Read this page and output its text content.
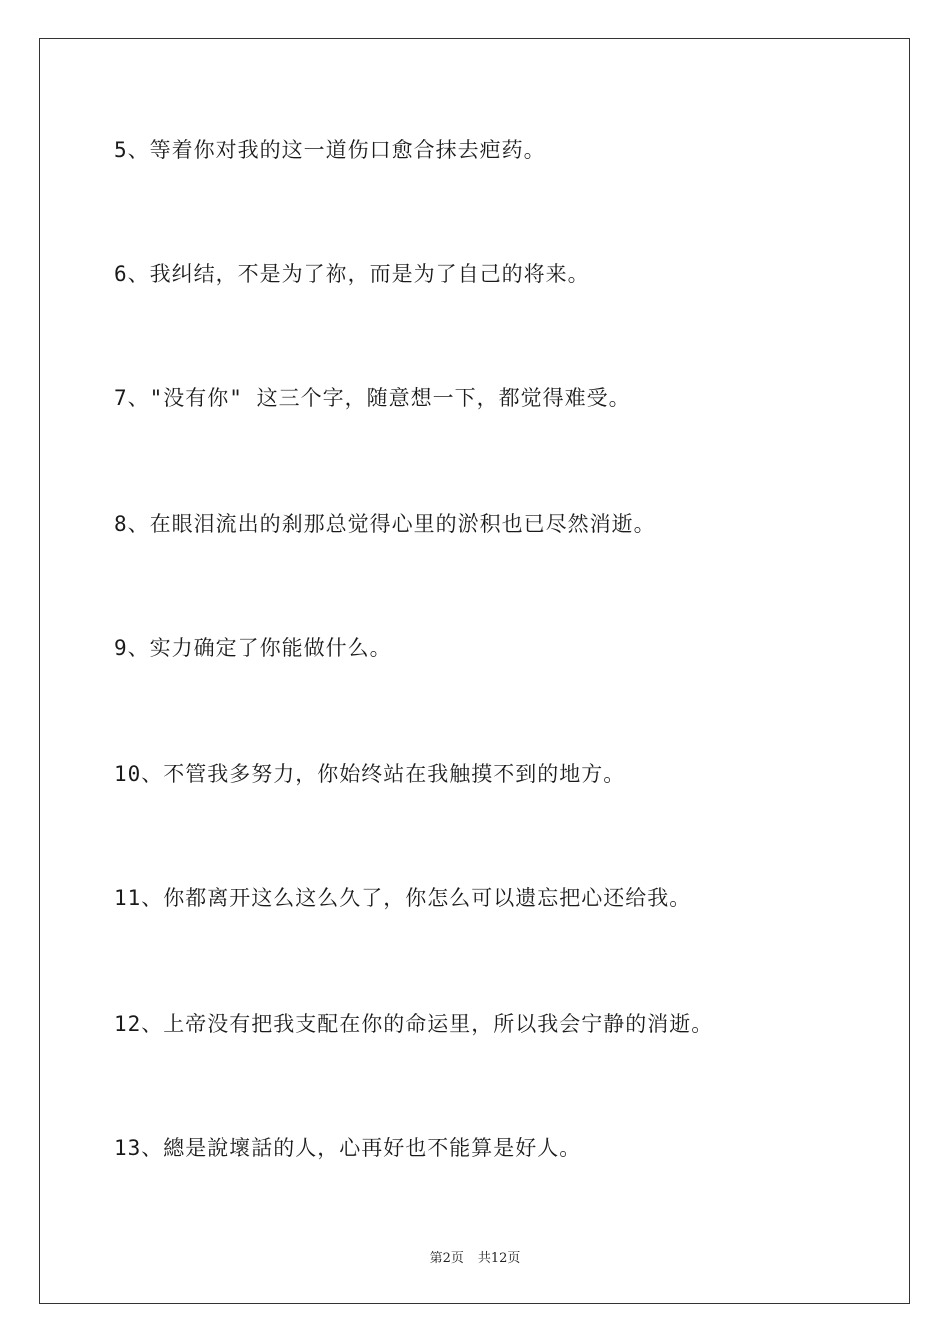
5、等着你对我的这一道伤口愈合抹去疤药。
6、我纠结，不是为了祢，而是为了自己的将来。
7、"没有你" 这三个字，随意想一下，都觉得难受。
8、在眼泪流出的刹那总觉得心里的淤积也已尽然消逝。
9、实力确定了你能做什么。
10、不管我多努力，你始终站在我触摸不到的地方。
11、你都离开这么这么久了，你怎么可以遗忘把心还给我。
12、上帝没有把我支配在你的命运里，所以我会宁静的消逝。
13、總是說壞話的人，心再好也不能算是好人。
第2页 共12页
